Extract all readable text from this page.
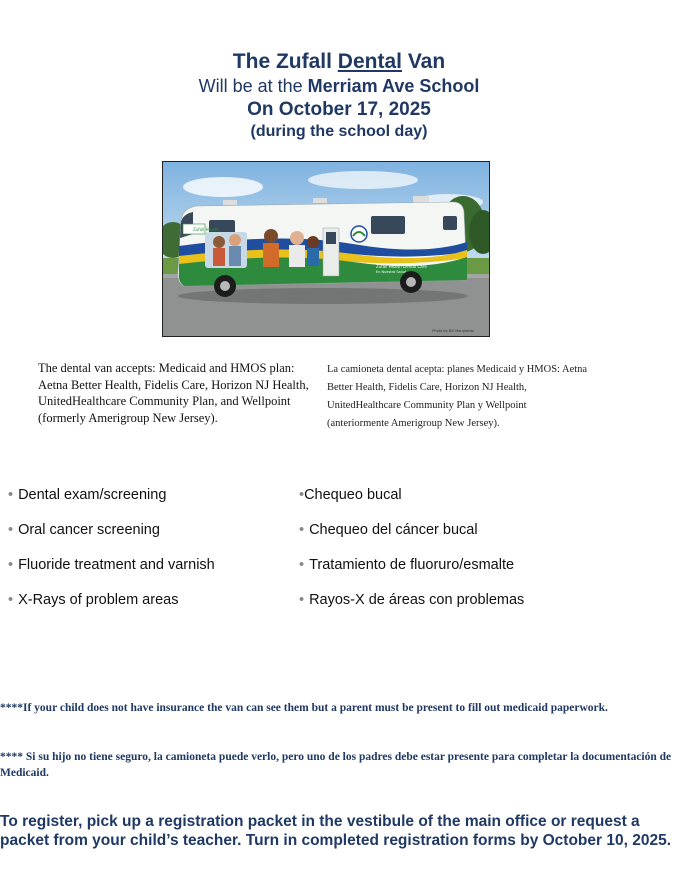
The Zufall Dental Van
Will be at the Merriam Ave School
On October 17, 2025
(during the school day)
Zufall Health
Zufall Health Dental Care
En Nuestra Salud
Photo by Bill Mongiardo
The dental van accepts: Medicaid and HMOS plan: Aetna Better Health, Fidelis Care, Horizon NJ Health, UnitedHealthcare Community Plan, and Wellpoint (formerly Amerigroup New Jersey).
La camioneta dental acepta: planes Medicaid y HMOS: Aetna Better Health, Fidelis Care, Horizon NJ Health, UnitedHealthcare Community Plan y Wellpoint (anteriormente Amerigroup New Jersey).
• Dental exam/screening
• Oral cancer screening
• Fluoride treatment and varnish
• X-Rays of problem areas
•Chequeo bucal
• Chequeo del cáncer bucal
• Tratamiento de fluoruro/esmalte
• Rayos-X de áreas con problemas
****If your child does not have insurance the van can see them but a parent must be present to fill out medicaid paperwork.
**** Si su hijo no tiene seguro, la camioneta puede verlo, pero uno de los padres debe estar presente para completar la documentación de Medicaid.
To register, pick up a registration packet in the vestibule of the main office or request a packet from your child’s teacher. Turn in completed registration forms by October 10, 2025.
